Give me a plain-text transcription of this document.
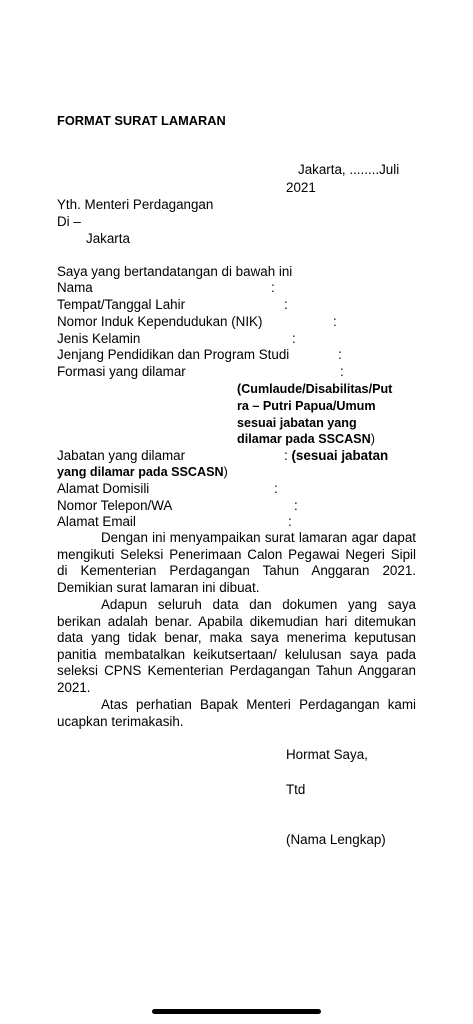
FORMAT SURAT LAMARAN
Jakarta, ........Juli
2021
Yth. Menteri Perdagangan
Di –
Jakarta
Saya yang bertandatangan di bawah ini
Nama	:
Tempat/Tanggal Lahir	:
Nomor Induk Kependudukan (NIK)	:
Jenis Kelamin	:
Jenjang Pendidikan dan Program Studi	:
Formasi yang dilamar	:
(Cumlaude/Disabilitas/Put
ra – Putri Papua/Umum
sesuai jabatan yang
dilamar pada SSCASN)
Jabatan yang dilamar	: (sesuai jabatan
yang dilamar pada SSCASN)
Alamat Domisili	:
Nomor Telepon/WA	:
Alamat Email	:
Dengan ini menyampaikan surat lamaran agar dapat mengikuti Seleksi Penerimaan Calon Pegawai Negeri Sipil di Kementerian Perdagangan Tahun Anggaran 2021. Demikian surat lamaran ini dibuat.
Adapun seluruh data dan dokumen yang saya berikan adalah benar. Apabila dikemudian hari ditemukan data yang tidak benar, maka saya menerima keputusan panitia membatalkan keikutsertaan/ kelulusan saya pada seleksi CPNS Kementerian Perdagangan Tahun Anggaran 2021.
Atas perhatian Bapak Menteri Perdagangan kami ucapkan terimakasih.
Hormat Saya,
Ttd
(Nama Lengkap)
